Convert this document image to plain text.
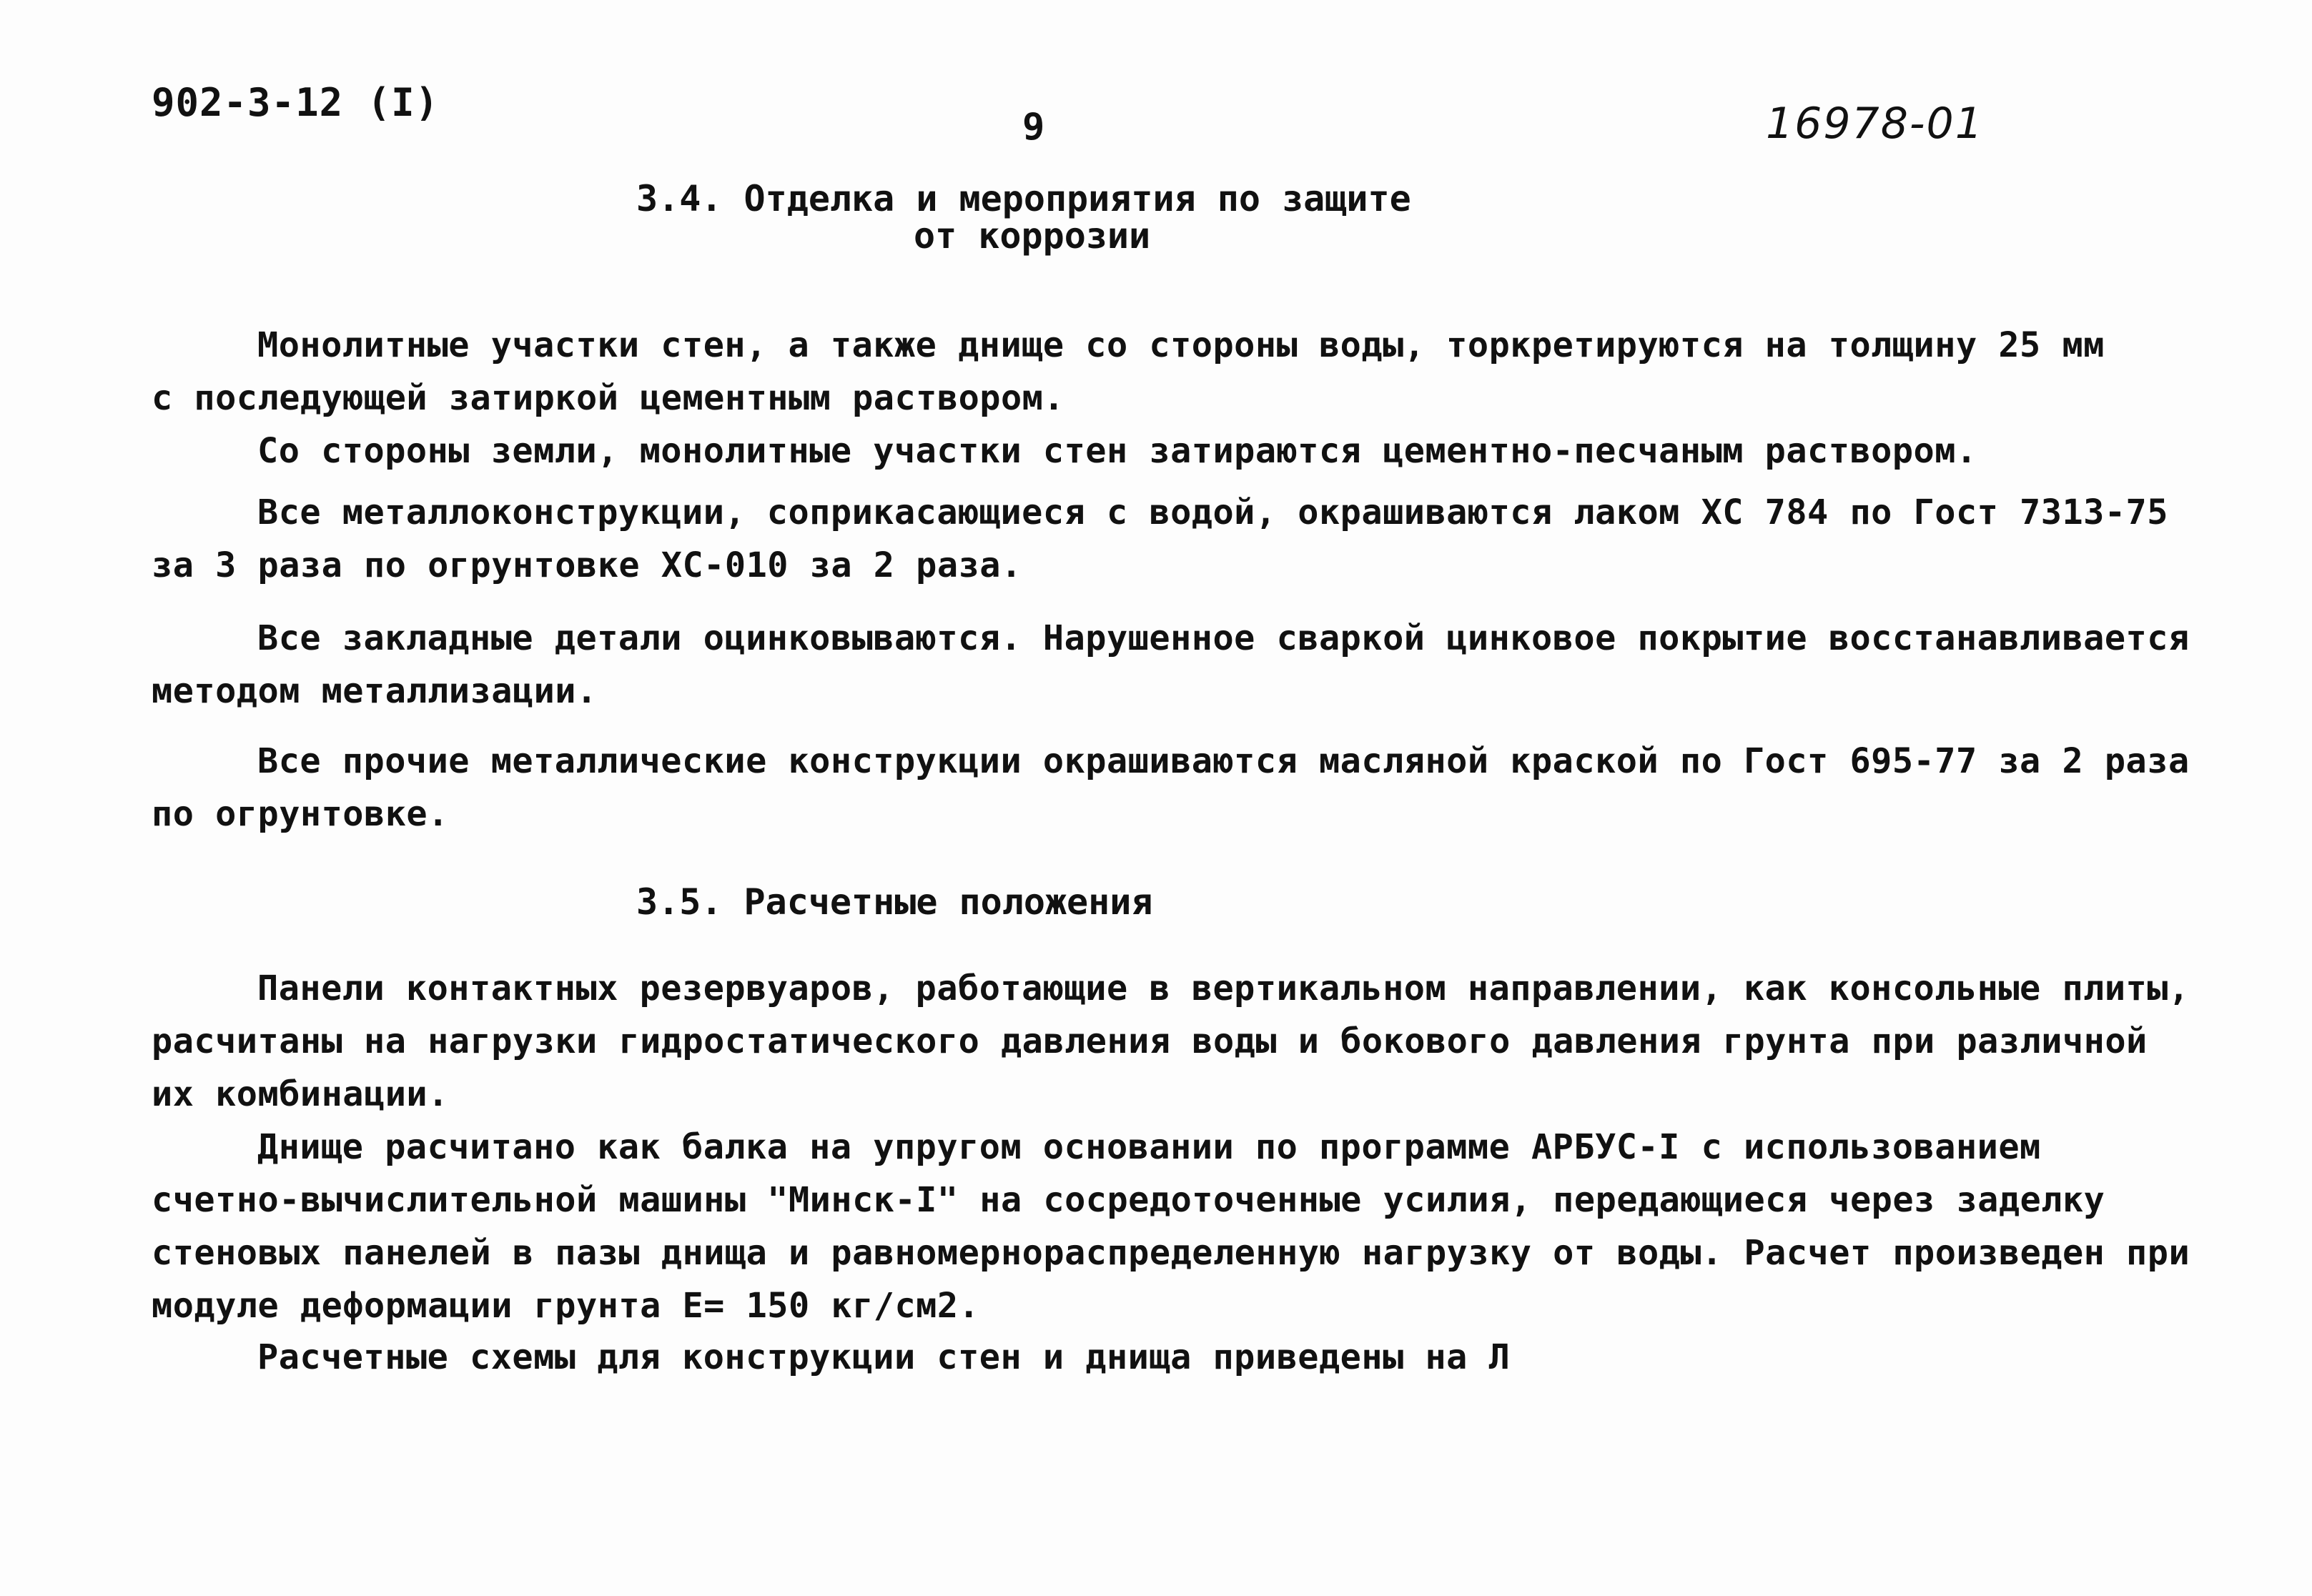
902-3-12 (I)
9	16978-01
3.4. Отделка и мероприятия по защите
от коррозии
Монолитные участки стен, а также днище со стороны воды, торкретируются на толщину 25 мм
с последующей затиркой цементным раствором.
Со стороны земли, монолитные участки стен затираются цементно-песчаным раствором.
Все металлоконструкции, соприкасающиеся с водой, окрашиваются лаком ХС 784 по Гост 7313-75
за 3 раза по огрунтовке ХС-010 за 2 раза.
Все закладные детали оцинковываются. Нарушенное сваркой цинковое покрытие восстанавливается
методом металлизации.
Все прочие металлические конструкции окрашиваются масляной краской по Гост 695-77 за 2 раза
по огрунтовке.
3.5. Расчетные положения
Панели контактных резервуаров, работающие в вертикальном направлении, как консольные плиты,
расчитаны на нагрузки гидростатического давления воды и бокового давления грунта при различной
их комбинации.
Днище расчитано как балка на упругом основании по программе АРБУС-I с использованием
счетно-вычислительной машины "Минск-I" на сосредоточенные усилия, передающиеся через заделку
стеновых панелей в пазы днища и равномернораспределенную нагрузку от воды. Расчет произведен при
модуле деформации грунта Е= 150 кг/см2.
Расчетные схемы для конструкции стен и днища приведены на Л
